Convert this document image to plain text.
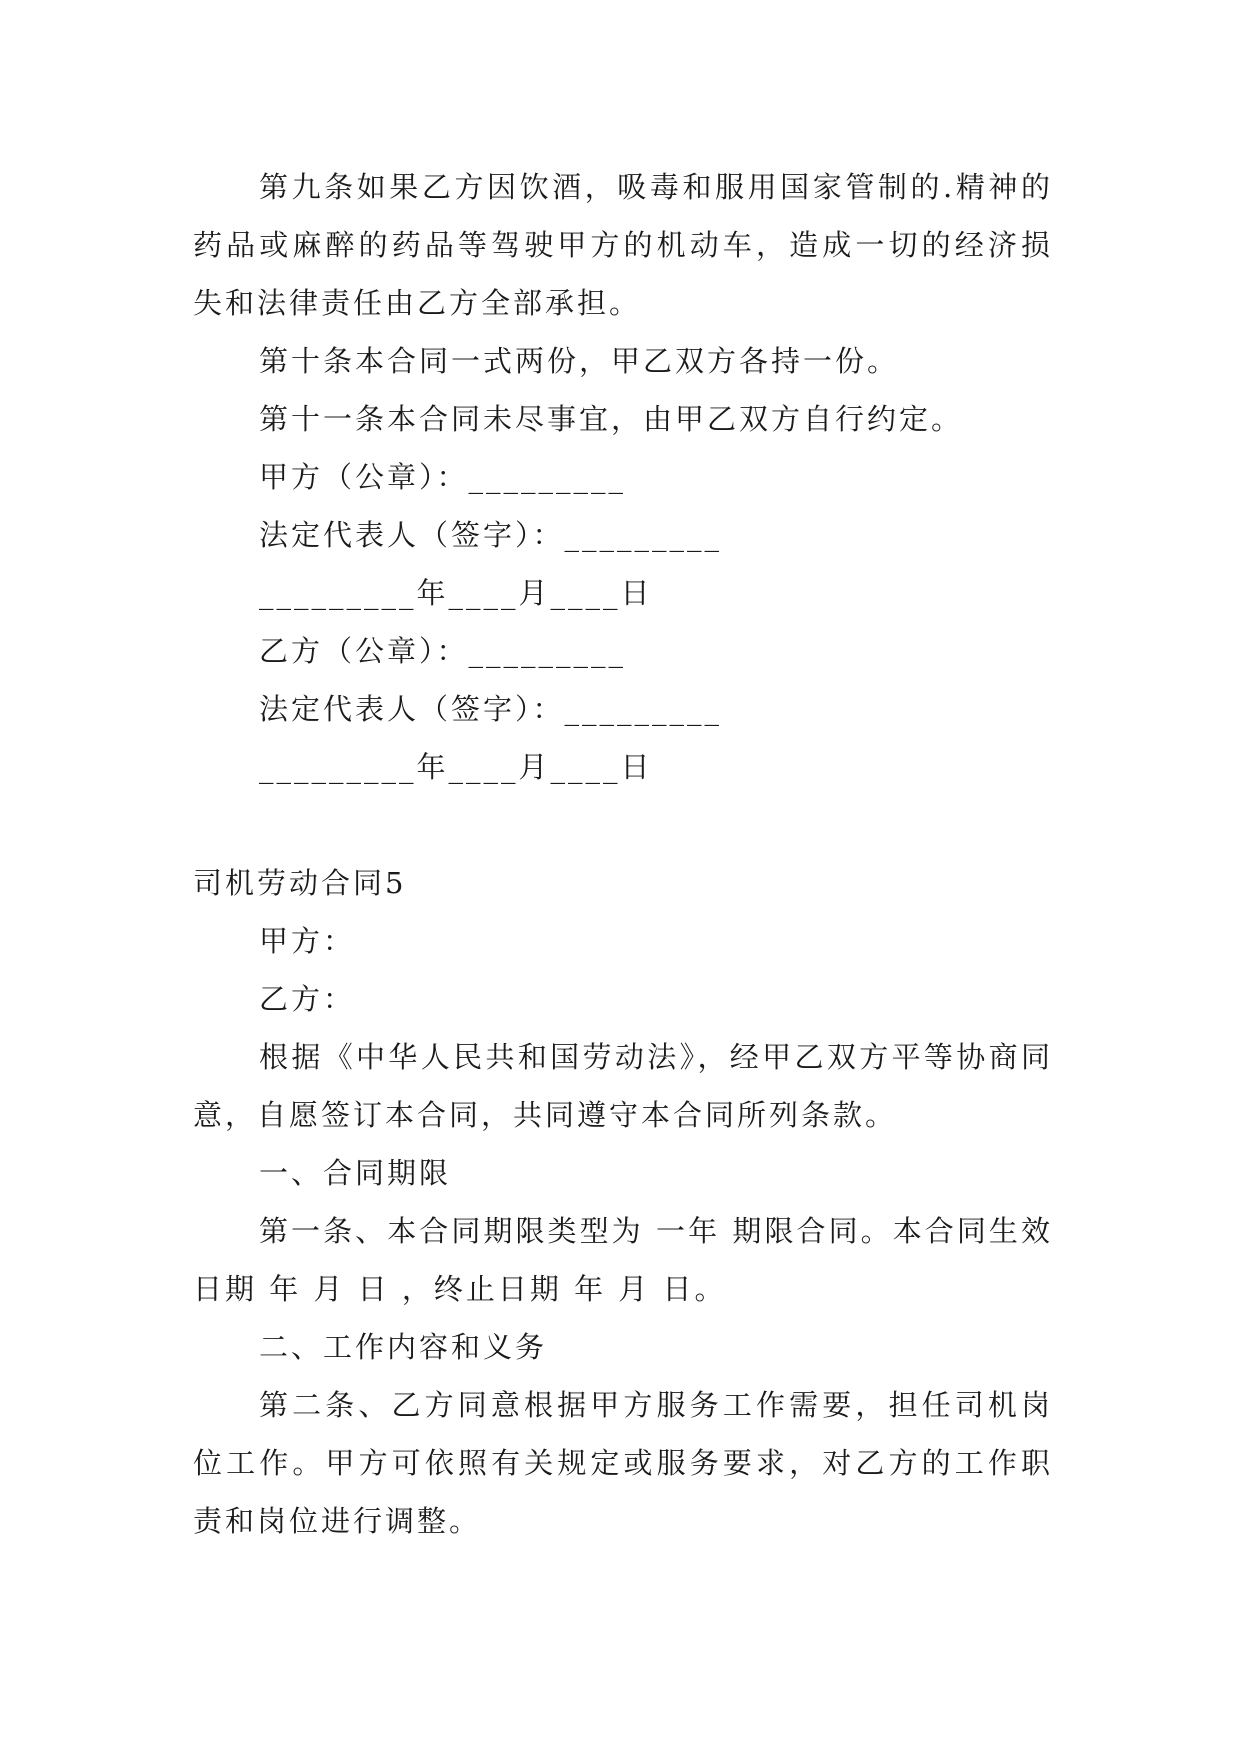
第九条如果乙方因饮酒，吸毒和服用国家管制的.精神的药品或麻醉的药品等驾驶甲方的机动车，造成一切的经济损失和法律责任由乙方全部承担。

第十条本合同一式两份，甲乙双方各持一份。

第十一条本合同未尽事宜，由甲乙双方自行约定。

甲方（公章）：_________

法定代表人（签字）：_________

_________年____月____日

乙方（公章）：_________

法定代表人（签字）：_________

_________年____月____日

司机劳动合同5

甲方：

乙方：

根据《中华人民共和国劳动法》，经甲乙双方平等协商同意，自愿签订本合同，共同遵守本合同所列条款。

一、合同期限

第一条、本合同期限类型为 一年 期限合同。本合同生效日期 年 月 日 ，终止日期 年 月 日。

二、工作内容和义务

第二条、乙方同意根据甲方服务工作需要，担任司机岗位工作。甲方可依照有关规定或服务要求，对乙方的工作职责和岗位进行调整。
